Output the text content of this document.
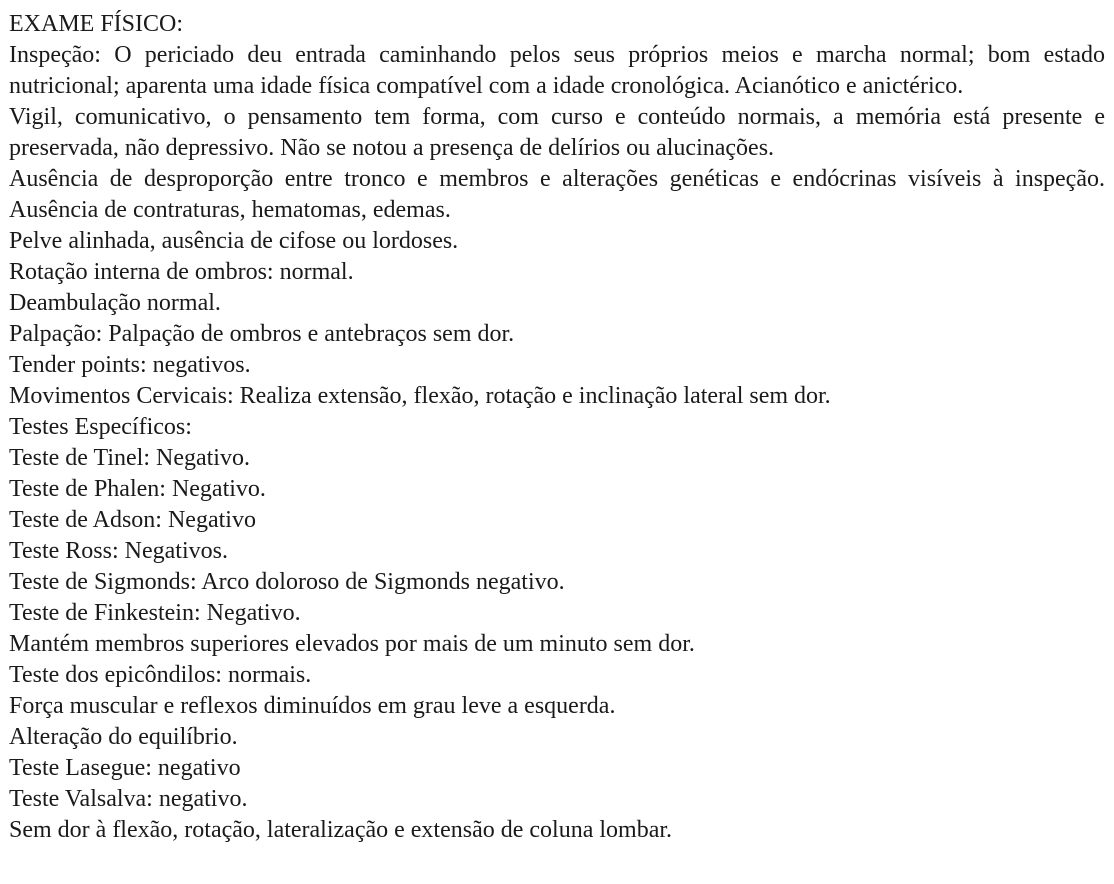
EXAME FÍSICO:

Inspeção: O periciado deu entrada caminhando pelos seus próprios meios e marcha normal; bom estado nutricional; aparenta uma idade física compatível com a idade cronológica. Acianótico e anictérico.

Vigil, comunicativo, o pensamento tem forma, com curso e conteúdo normais, a memória está presente e preservada, não depressivo. Não se notou a presença de delírios ou alucinações.

Ausência de desproporção entre tronco e membros e alterações genéticas e endócrinas visíveis à inspeção. Ausência de contraturas, hematomas, edemas.

Pelve alinhada, ausência de cifose ou lordoses.
Rotação interna de ombros: normal.
Deambulação normal.
Palpação: Palpação de ombros e antebraços sem dor.
Tender points: negativos.
Movimentos Cervicais: Realiza extensão, flexão, rotação e inclinação lateral sem dor.
Testes Específicos:
Teste de Tinel: Negativo.
Teste de Phalen: Negativo.
Teste de Adson: Negativo
Teste Ross: Negativos.
Teste de Sigmonds: Arco doloroso de Sigmonds negativo.
Teste de Finkestein: Negativo.
Mantém membros superiores elevados por mais de um minuto sem dor.
Teste dos epicôndilos: normais.
Força muscular e reflexos diminuídos em grau leve a esquerda.
Alteração do equilíbrio.
Teste Lasegue: negativo
Teste Valsalva: negativo.
Sem dor à flexão, rotação, lateralização e extensão de coluna lombar.
